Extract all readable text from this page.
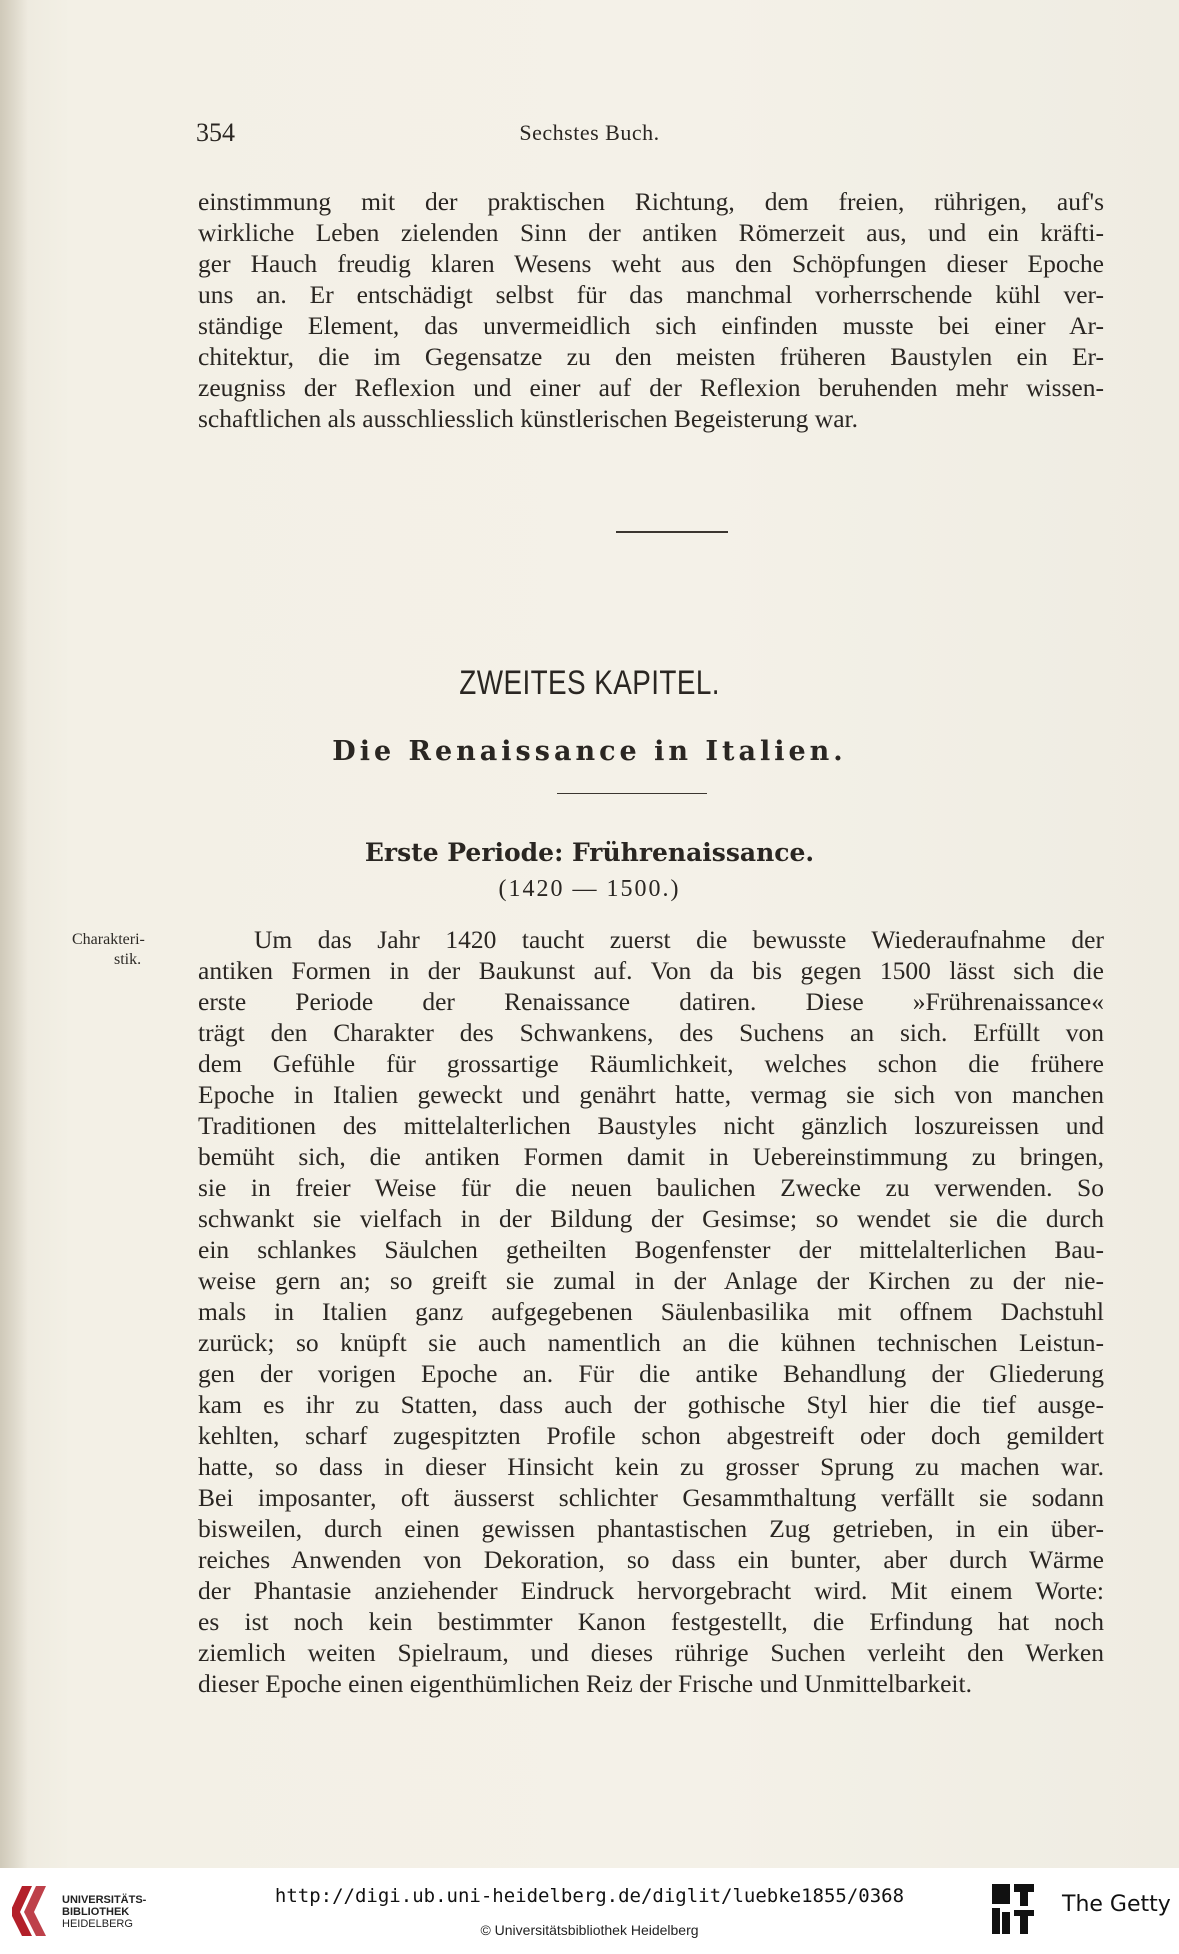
354	Sechstes Buch.
einstimmung mit der praktischen Richtung, dem freien, rührigen, auf's
wirkliche Leben zielenden Sinn der antiken Römerzeit aus, und ein kräfti-
ger Hauch freudig klaren Wesens weht aus den Schöpfungen dieser Epoche
uns an. Er entschädigt selbst für das manchmal vorherrschende kühl ver-
ständige Element, das unvermeidlich sich einfinden musste bei einer Ar-
chitektur, die im Gegensatze zu den meisten früheren Baustylen ein Er-
zeugniss der Reflexion und einer auf der Reflexion beruhenden mehr wissen-
schaftlichen als ausschliesslich künstlerischen Begeisterung war.
ZWEITES KAPITEL.
Die Renaissance in Italien.
Erste Periode: Frührenaissance.
(1420 — 1500.)
Charakteri-
stik.
Um das Jahr 1420 taucht zuerst die bewusste Wiederaufnahme der
antiken Formen in der Baukunst auf. Von da bis gegen 1500 lässt sich die
erste Periode der Renaissance datiren. Diese »Frührenaissance«
trägt den Charakter des Schwankens, des Suchens an sich. Erfüllt von
dem Gefühle für grossartige Räumlichkeit, welches schon die frühere
Epoche in Italien geweckt und genährt hatte, vermag sie sich von manchen
Traditionen des mittelalterlichen Baustyles nicht gänzlich loszureissen und
bemüht sich, die antiken Formen damit in Uebereinstimmung zu bringen,
sie in freier Weise für die neuen baulichen Zwecke zu verwenden. So
schwankt sie vielfach in der Bildung der Gesimse; so wendet sie die durch
ein schlankes Säulchen getheilten Bogenfenster der mittelalterlichen Bau-
weise gern an; so greift sie zumal in der Anlage der Kirchen zu der nie-
mals in Italien ganz aufgegebenen Säulenbasilika mit offnem Dachstuhl
zurück; so knüpft sie auch namentlich an die kühnen technischen Leistun-
gen der vorigen Epoche an. Für die antike Behandlung der Gliederung
kam es ihr zu Statten, dass auch der gothische Styl hier die tief ausge-
kehlten, scharf zugespitzten Profile schon abgestreift oder doch gemildert
hatte, so dass in dieser Hinsicht kein zu grosser Sprung zu machen war.
Bei imposanter, oft äusserst schlichter Gesammthaltung verfällt sie sodann
bisweilen, durch einen gewissen phantastischen Zug getrieben, in ein über-
reiches Anwenden von Dekoration, so dass ein bunter, aber durch Wärme
der Phantasie anziehender Eindruck hervorgebracht wird. Mit einem Worte:
es ist noch kein bestimmter Kanon festgestellt, die Erfindung hat noch
ziemlich weiten Spielraum, und dieses rührige Suchen verleiht den Werken
dieser Epoche einen eigenthümlichen Reiz der Frische und Unmittelbarkeit.
UNIVERSITÄTS-
BIBLIOTHEK
HEIDELBERG
http://digi.ub.uni-heidelberg.de/diglit/luebke1855/0368
© Universitätsbibliothek Heidelberg
The Getty
